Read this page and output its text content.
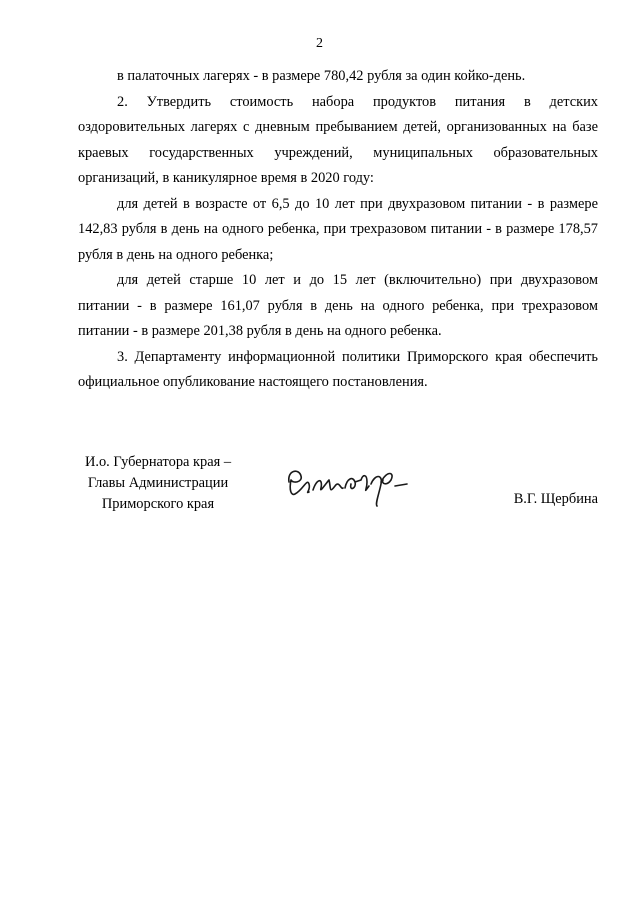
2

в палаточных лагерях - в размере 780,42 рубля за один койко-день.

2. Утвердить стоимость набора продуктов питания в детских оздоровительных лагерях с дневным пребыванием детей, организованных на базе краевых государственных учреждений, муниципальных образовательных организаций, в каникулярное время в 2020 году:

для детей в возрасте от 6,5 до 10 лет при двухразовом питании - в размере 142,83 рубля в день на одного ребенка, при трехразовом питании - в размере 178,57 рубля в день на одного ребенка;

для детей старше 10 лет и до 15 лет (включительно) при двухразовом питании - в размере 161,07 рубля в день на одного ребенка, при трехразовом питании - в размере 201,38 рубля в день на одного ребенка.

3. Департаменту информационной политики Приморского края обеспечить официальное опубликование настоящего постановления.

И.о. Губернатора края –
Главы Администрации
Приморского края	В.Г. Щербина
